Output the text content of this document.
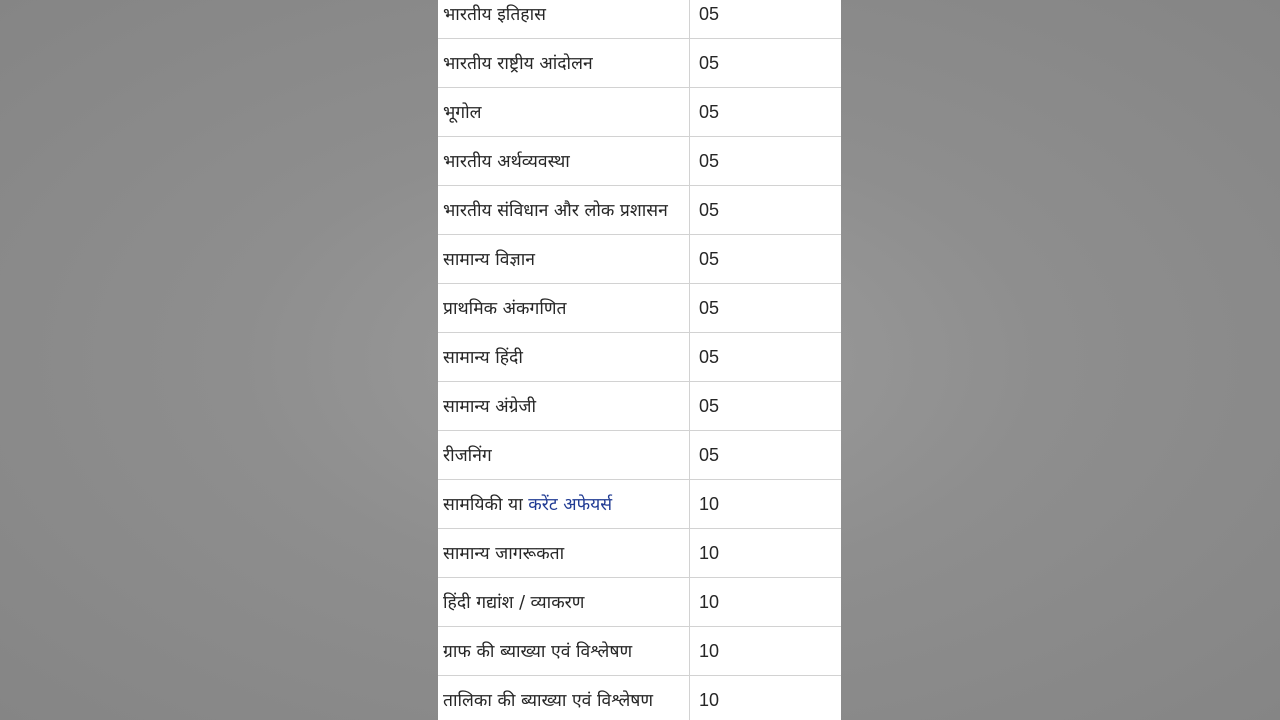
भारतीय इतिहास	05
भारतीय राष्ट्रीय आंदोलन	05
भूगोल	05
भारतीय अर्थव्यवस्था	05
भारतीय संविधान और लोक प्रशासन	05
सामान्य विज्ञान	05
प्राथमिक अंकगणित	05
सामान्य हिंदी	05
सामान्य अंग्रेजी	05
रीजनिंग	05
सामयिकी या करेंट अफेयर्स	10
सामान्य जागरूकता	10
हिंदी गद्यांश / व्याकरण	10
ग्राफ की ब्याख्या एवं विश्लेषण	10
तालिका की ब्याख्या एवं विश्लेषण	10
